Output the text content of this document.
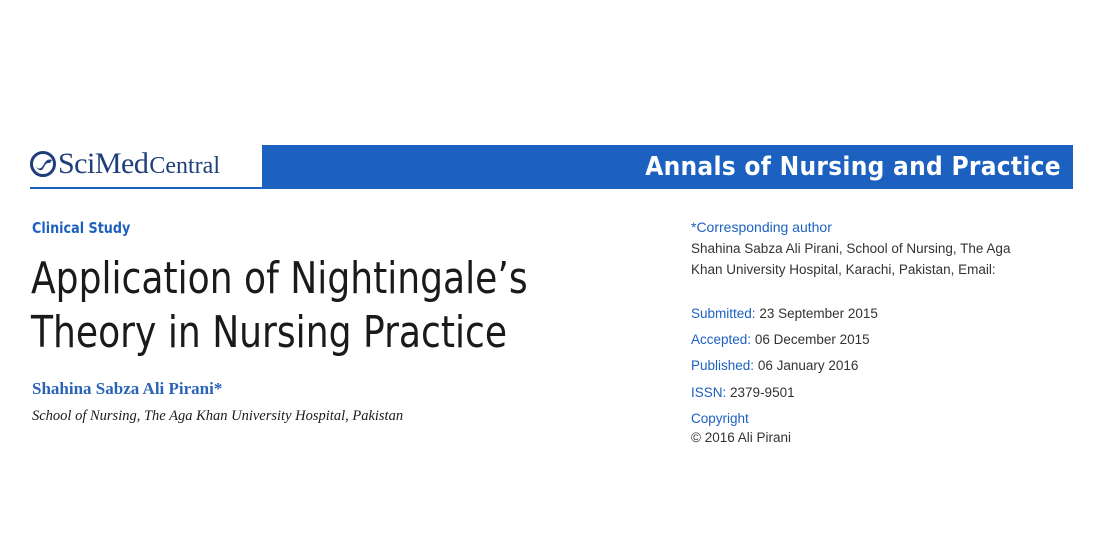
Sci Med Central	Annals of Nursing and Practice
Clinical Study
Application of Nightingale’s
Theory in Nursing Practice
Shahina Sabza Ali Pirani*
School of Nursing, The Aga Khan University Hospital, Pakistan

*Corresponding author

Shahina Sabza Ali Pirani, School of Nursing, The Aga
Khan University Hospital, Karachi, Pakistan, Email:

Submitted: 23 September 2015
Accepted: 06 December 2015
Published: 06 January 2016
ISSN: 2379-9501
Copyright
© 2016 Ali Pirani
